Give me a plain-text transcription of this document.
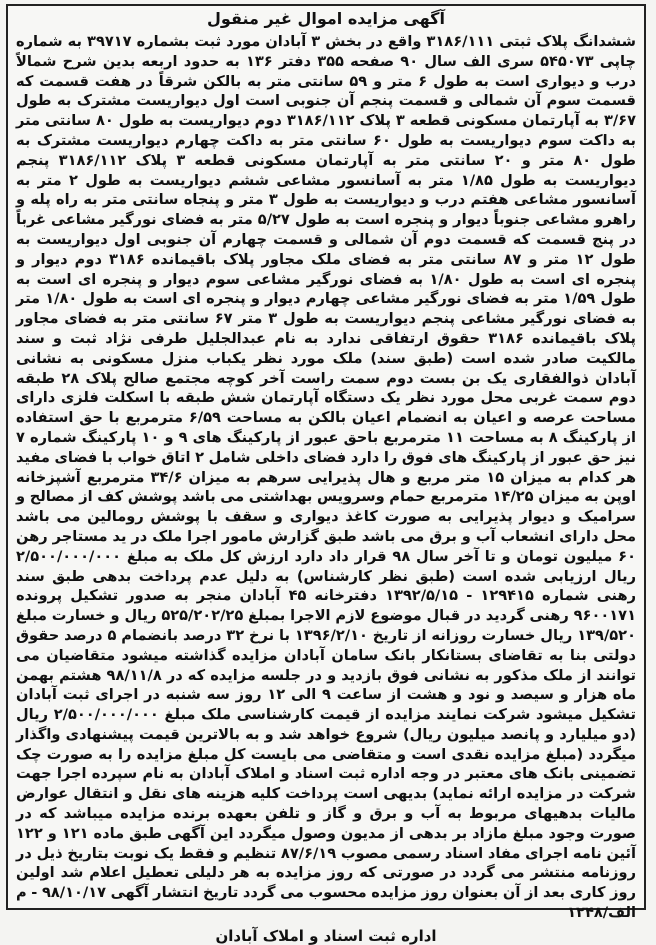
آگهی مزایده اموال غیر منقول
ششدانگ پلاک ثبتی ۳۱۸۶/۱۱۱ واقع در بخش ۳ آبادان مورد ثبت بشماره ۳۹۷۱۷ به شماره چاپی ۵۴۵۰۷۳ سری الف سال ۹۰ صفحه ۳۵۵ دفتر ۱۳۶ به حدود اربعه بدین شرح شمالاً درب و دیواری است به طول ۶ متر و ۵۹ سانتی متر به بالکن شرقاً در هفت قسمت که قسمت سوم آن شمالی و قسمت پنجم آن جنوبی است اول دیواریست مشترک به طول ۳/۶۷ به آپارتمان مسکونی قطعه ۳ پلاک ۳۱۸۶/۱۱۲ دوم دیواریست به طول ۸۰ سانتی متر به داکت سوم دیواریست به طول ۶۰ سانتی متر به داکت چهارم دیواریست مشترک به طول ۸۰ متر و ۲۰ سانتی متر به آپارتمان مسکونی قطعه ۳ پلاک ۳۱۸۶/۱۱۲ پنجم دیواریست به طول ۱/۸۵ متر به آسانسور مشاعی ششم دیواریست به طول ۲ متر به آسانسور مشاعی هفتم درب و دیواریست به طول ۳ متر و پنجاه سانتی متر به راه پله و راهرو مشاعی جنوباً دیوار و پنجره است به طول ۵/۲۷ متر به فضای نورگیر مشاعی غرباً در پنج قسمت که قسمت دوم آن شمالی و قسمت چهارم آن جنوبی اول دیواریست به طول ۱۲ متر و ۸۷ سانتی متر به فضای ملک مجاور پلاک باقیمانده ۳۱۸۶ دوم دیوار و پنجره ای است به طول ۱/۸۰ به فضای نورگیر مشاعی سوم دیوار و پنجره ای است به طول ۱/۵۹ متر به فضای نورگیر مشاعی چهارم دیوار و پنجره ای است به طول ۱/۸۰ متر به فضای نورگیر مشاعی پنجم دیواریست به طول ۳ متر ۶۷ سانتی متر به فضای مجاور پلاک باقیمانده ۳۱۸۶ حقوق ارتفاقی ندارد به نام عبدالجلیل طرفی نژاد ثبت و سند مالکیت صادر شده است (طبق سند) ملک مورد نظر یکباب منزل مسکونی به نشانی آبادان ذوالفقاری یک بن بست دوم سمت راست آخر کوچه مجتمع صالح پلاک ۲۸ طبقه دوم سمت غربی محل مورد نظر یک دستگاه آپارتمان شش طبقه با اسکلت فلزی دارای مساحت عرصه و اعیان به انضمام اعیان بالکن به مساحت ۶/۵۹ مترمربع با حق استفاده از پارکینگ ۸ به مساحت ۱۱ مترمربع باحق عبور از پارکینگ های ۹ و ۱۰ پارکینگ شماره ۷ نیز حق عبور از پارکینگ های فوق را دارد فضای داخلی شامل ۲ اتاق خواب با فضای مفید هر کدام به میزان ۱۵ متر مربع و هال پذیرایی سرهم به میزان ۳۴/۶ مترمربع آشپزخانه اوپن به میزان ۱۴/۲۵ مترمربع حمام وسرویس بهداشتی می باشد پوشش کف از مصالح و سرامیک و دیوار پذیرایی به صورت کاغذ دیواری و سقف با پوشش رومالین می باشد محل دارای انشعاب آب و برق می باشد طبق گزارش مامور اجرا ملک در ید مستاجر رهن ۶۰ میلیون تومان و تا آخر سال ۹۸ قرار داد دارد ارزش کل ملک به مبلغ ۲/۵۰۰/۰۰۰/۰۰۰ ریال ارزیابی شده است (طبق نظر کارشناس) به دلیل عدم پرداخت بدهی طبق سند رهنی شماره ۱۲۹۴۱۵ - ۱۳۹۲/۵/۱۵ دفترخانه ۴۵ آبادان منجر به صدور تشکیل پرونده ۹۶۰۰۱۷۱ رهنی گردید در قبال موضوع لازم الاجرا بمبلغ ۵۲۵/۲۰۲/۲۵ ریال و خسارت مبلغ ۱۳۹/۵۲۰ ریال خسارت روزانه از تاریخ ۱۳۹۶/۲/۱۰ با نرخ ۳۲ درصد بانضمام ۵ درصد حقوق دولتی بنا به تقاضای بستانکار بانک سامان آبادان مزایده گذاشته میشود متقاضیان می توانند از ملک مذکور به نشانی فوق بازدید و در جلسه مزایده که در ۹۸/۱۱/۸ هشتم بهمن ماه هزار و سیصد و نود و هشت از ساعت ۹ الی ۱۲ روز سه شنبه در اجرای ثبت آبادان تشکیل میشود شرکت نمایند مزایده از قیمت کارشناسی ملک مبلغ ۲/۵۰۰/۰۰۰/۰۰۰ ریال (دو میلیارد و پانصد میلیون ریال) شروع خواهد شد و به بالاترین قیمت پیشنهادی واگذار میگردد (مبلغ مزایده نقدی است و متقاضی می بایست کل مبلغ مزایده را به صورت چک تضمینی بانک های معتبر در وجه اداره ثبت اسناد و املاک آبادان به نام سپرده اجرا جهت شرکت در مزایده ارائه نماید) بدیهی است پرداخت کلیه هزینه های نقل و انتقال عوارض مالیات بدهیهای مربوط به آب و برق و گاز و تلفن بعهده برنده مزایده میباشد که در صورت وجود مبلغ مازاد بر بدهی از مدیون وصول میگردد این آگهی طبق ماده ۱۲۱ و ۱۲۲ آئین نامه اجرای مفاد اسناد رسمی مصوب ۸۷/۶/۱۹ تنظیم و فقط یک نوبت بتاریخ ذیل در روزنامه منتشر می گردد در صورتی که روز مزایده به هر دلیلی تعطیل اعلام شد اولین روز کاری بعد از آن بعنوان روز مزایده محسوب می گردد تاریخ انتشار آگهی ۹۸/۱۰/۱۷ - م الف/۱۲۴۸
اداره ثبت اسناد و املاک آبادان
